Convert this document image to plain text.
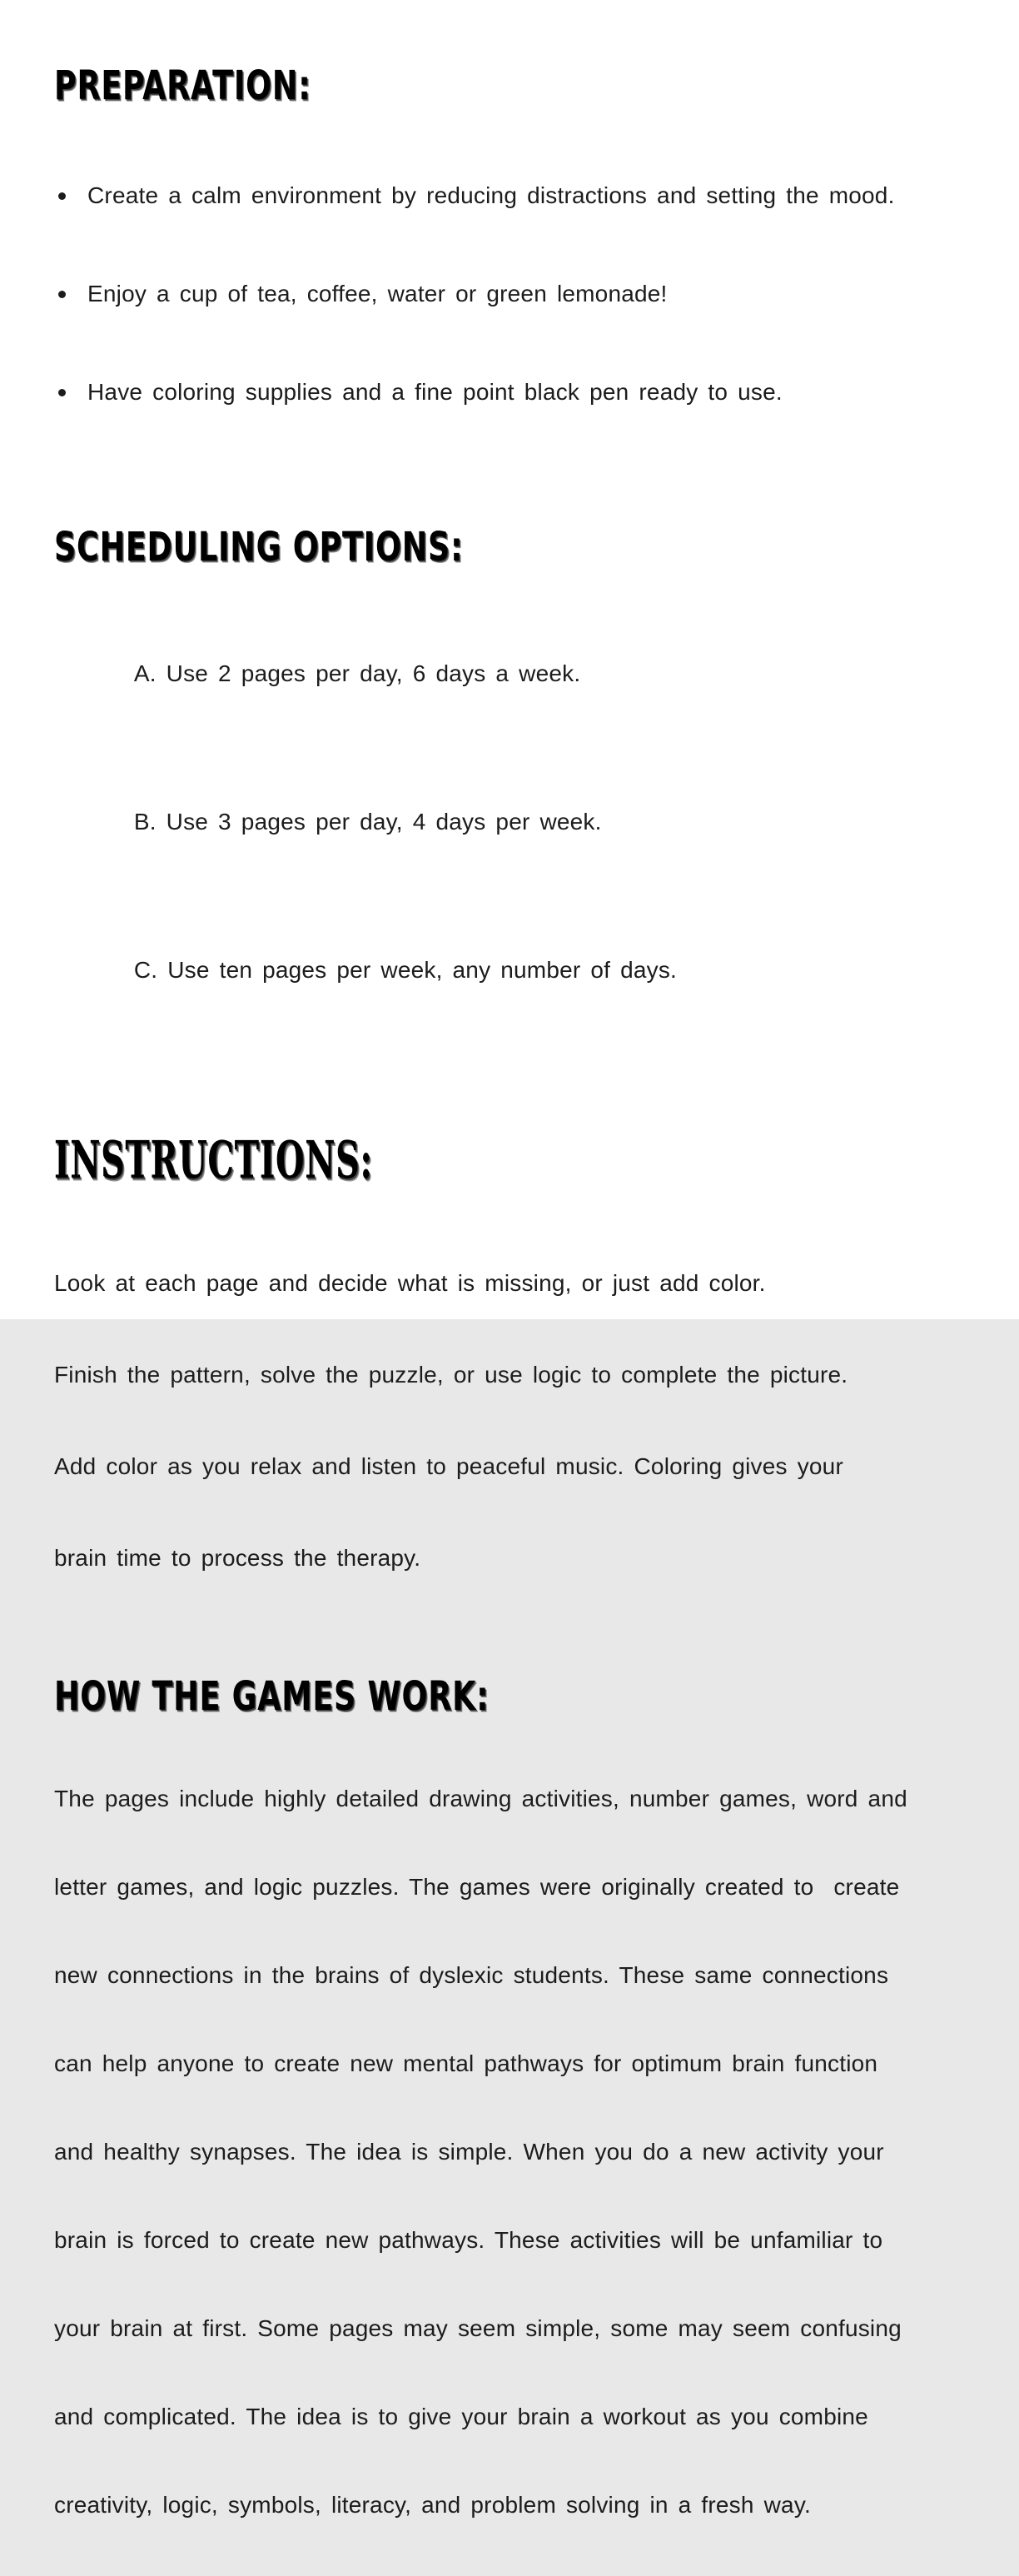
PREPARATION:

Create a calm environment by reducing distractions and setting the mood.

Enjoy a cup of tea, coffee, water or green lemonade!

Have coloring supplies and a fine point black pen ready to use.

SCHEDULING OPTIONS:

A. Use 2 pages per day, 6 days a week.

B. Use 3 pages per day, 4 days per week.

C. Use ten pages per week, any number of days.

INSTRUCTIONS:

Look at each page and decide what is missing, or just add color.

Finish the pattern, solve the puzzle, or use logic to complete the picture.

Add color as you relax and listen to peaceful music. Coloring gives your

brain time to process the therapy.

HOW THE GAMES WORK:

The pages include highly detailed drawing activities, number games, word and

letter games, and logic puzzles. The games were originally created to  create

new connections in the brains of dyslexic students. These same connections

can help anyone to create new mental pathways for optimum brain function

and healthy synapses. The idea is simple. When you do a new activity your

brain is forced to create new pathways. These activities will be unfamiliar to

your brain at first. Some pages may seem simple, some may seem confusing

and complicated. The idea is to give your brain a workout as you combine

creativity, logic, symbols, literacy, and problem solving in a fresh way.
